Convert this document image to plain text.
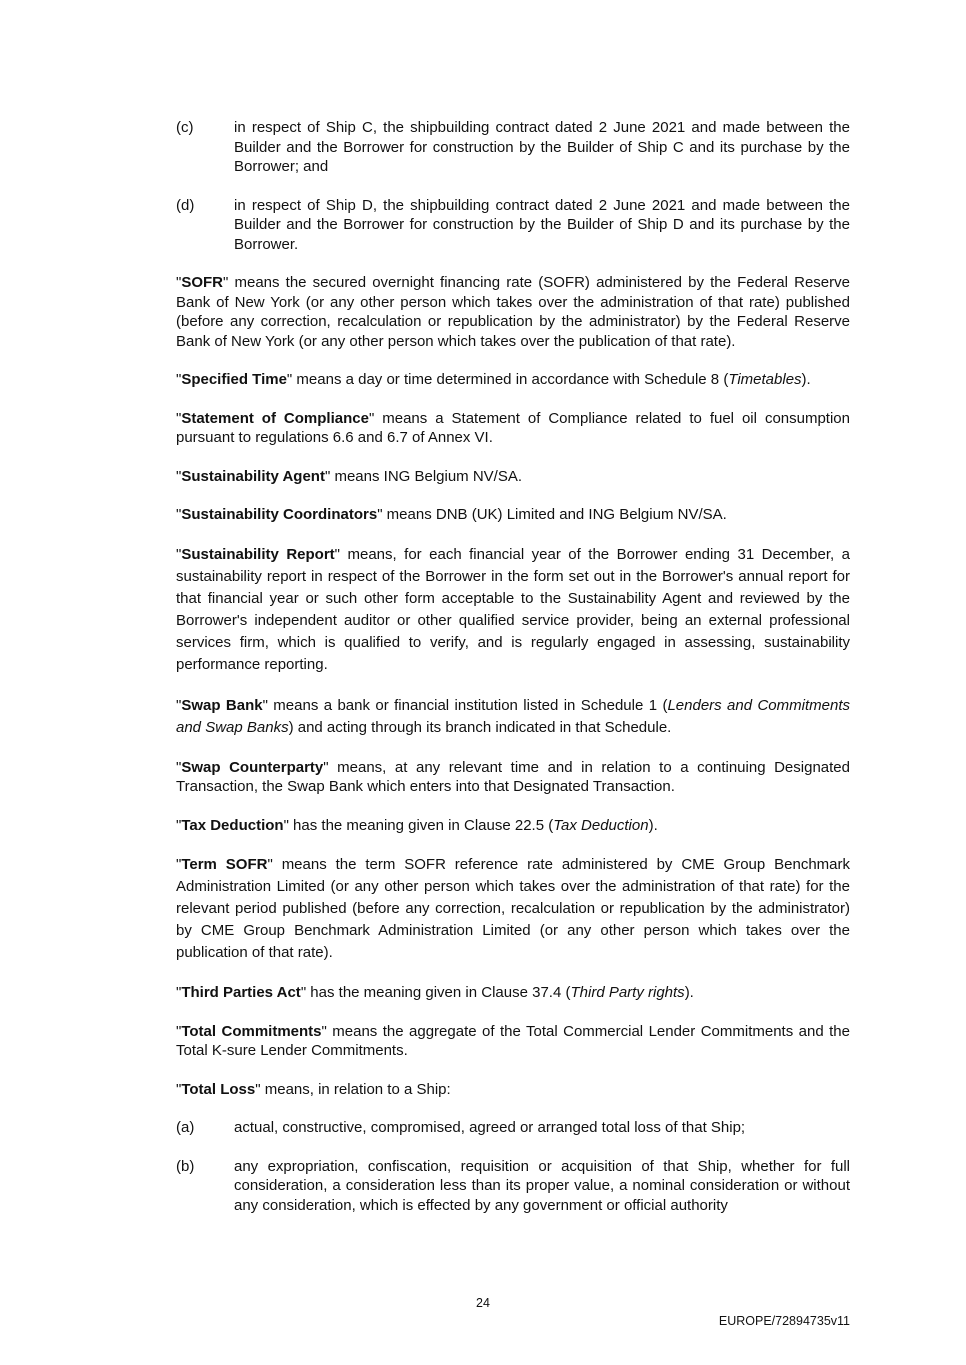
(c)	in respect of Ship C, the shipbuilding contract dated 2 June 2021 and made between the Builder and the Borrower for construction by the Builder of Ship C and its purchase by the Borrower; and
(d)	in respect of Ship D, the shipbuilding contract dated 2 June 2021 and made between the Builder and the Borrower for construction by the Builder of Ship D and its purchase by the Borrower.

"SOFR" means the secured overnight financing rate (SOFR) administered by the Federal Reserve Bank of New York (or any other person which takes over the administration of that rate) published (before any correction, recalculation or republication by the administrator) by the Federal Reserve Bank of New York (or any other person which takes over the publication of that rate).

"Specified Time" means a day or time determined in accordance with Schedule 8 (Timetables).

"Statement of Compliance" means a Statement of Compliance related to fuel oil consumption pursuant to regulations 6.6 and 6.7 of Annex VI.

"Sustainability Agent" means ING Belgium NV/SA.

"Sustainability Coordinators" means DNB (UK) Limited and ING Belgium NV/SA.

"Sustainability Report" means, for each financial year of the Borrower ending 31 December, a sustainability report in respect of the Borrower in the form set out in the Borrower's annual report for that financial year or such other form acceptable to the Sustainability Agent and reviewed by the Borrower's independent auditor or other qualified service provider, being an external professional services firm, which is qualified to verify, and is regularly engaged in assessing, sustainability performance reporting.

"Swap Bank" means a bank or financial institution listed in Schedule 1 (Lenders and Commitments and Swap Banks) and acting through its branch indicated in that Schedule.

"Swap Counterparty" means, at any relevant time and in relation to a continuing Designated Transaction, the Swap Bank which enters into that Designated Transaction.

"Tax Deduction" has the meaning given in Clause 22.5 (Tax Deduction).

"Term SOFR" means the term SOFR reference rate administered by CME Group Benchmark Administration Limited (or any other person which takes over the administration of that rate) for the relevant period published (before any correction, recalculation or republication by the administrator) by CME Group Benchmark Administration Limited (or any other person which takes over the publication of that rate).

"Third Parties Act" has the meaning given in Clause 37.4 (Third Party rights).

"Total Commitments" means the aggregate of the Total Commercial Lender Commitments and the Total K-sure Lender Commitments.

"Total Loss" means, in relation to a Ship:

(a)	actual, constructive, compromised, agreed or arranged total loss of that Ship;
(b)	any expropriation, confiscation, requisition or acquisition of that Ship, whether for full consideration, a consideration less than its proper value, a nominal consideration or without any consideration, which is effected by any government or official authority
24
EUROPE/72894735v11
